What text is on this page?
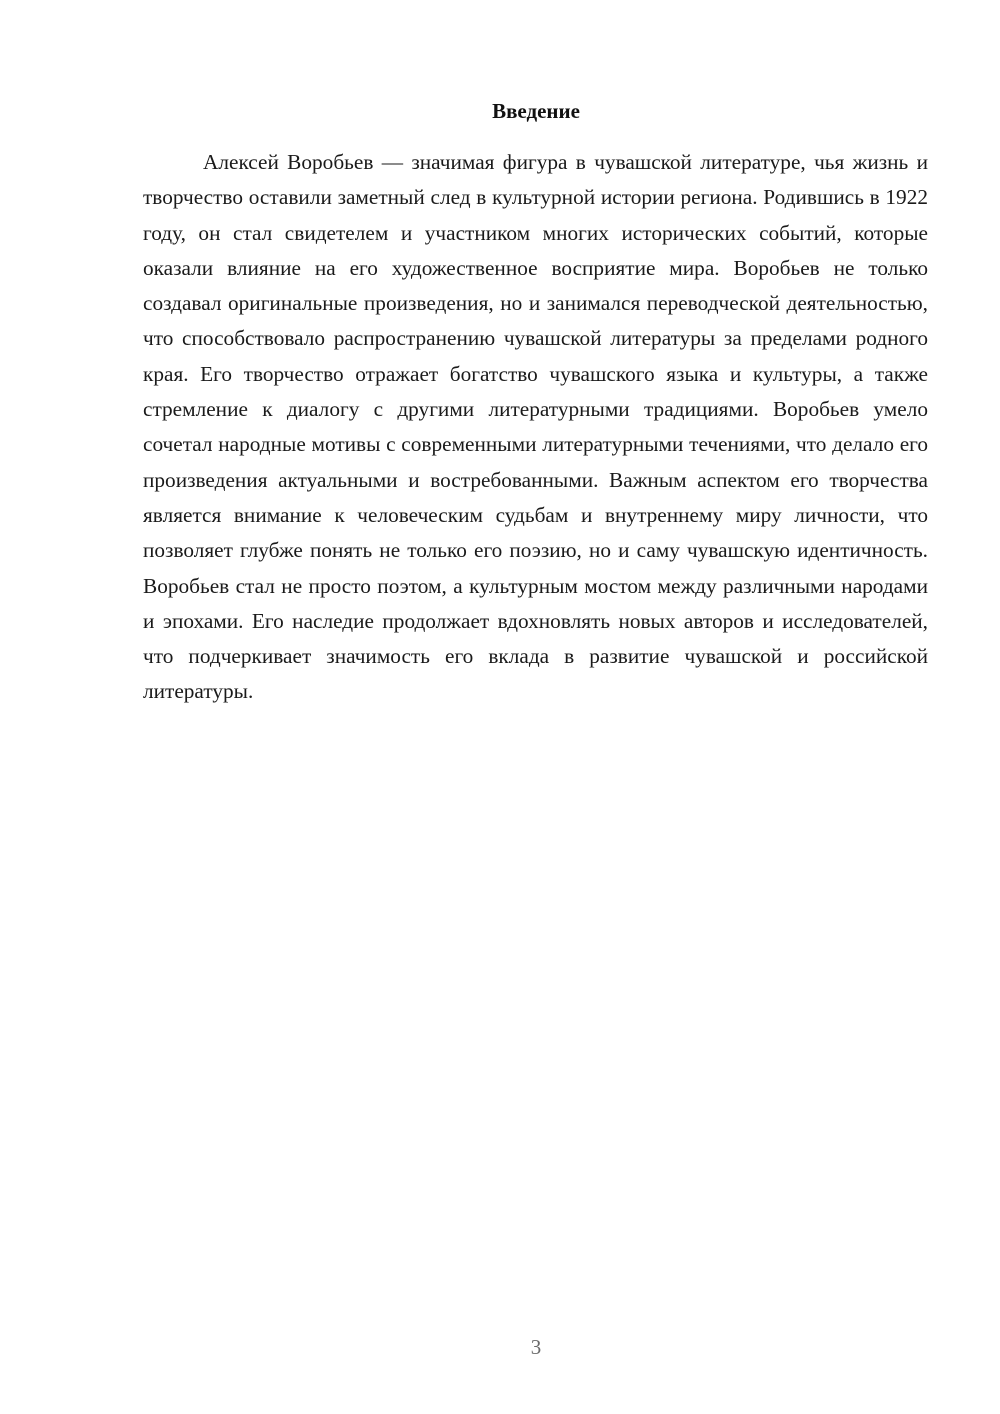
Введение

Алексей Воробьев — значимая фигура в чувашской литературе, чья жизнь и творчество оставили заметный след в культурной истории региона. Родившись в 1922 году, он стал свидетелем и участником многих исторических событий, которые оказали влияние на его художественное восприятие мира. Воробьев не только создавал оригинальные произведения, но и занимался переводческой деятельностью, что способствовало распространению чувашской литературы за пределами родного края. Его творчество отражает богатство чувашского языка и культуры, а также стремление к диалогу с другими литературными традициями. Воробьев умело сочетал народные мотивы с современными литературными течениями, что делало его произведения актуальными и востребованными. Важным аспектом его творчества является внимание к человеческим судьбам и внутреннему миру личности, что позволяет глубже понять не только его поэзию, но и саму чувашскую идентичность. Воробьев стал не просто поэтом, а культурным мостом между различными народами и эпохами. Его наследие продолжает вдохновлять новых авторов и исследователей, что подчеркивает значимость его вклада в развитие чувашской и российской литературы.

3
